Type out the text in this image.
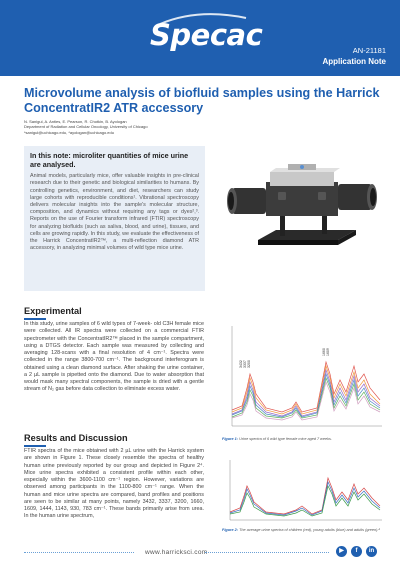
Specac	AN-21181
Application Note
Microvolume analysis of biofluid samples using the Harrick ConcentratIR2 ATR accessory
N. Sanigul, A. Anties, E. Pearson, R. Chotkin, B. Ayologan
Department of Radiation and Cellular Oncology, University of Chicago
*sanigul@uchicago.edu, *ayologan@uchicago.edu
In this note: microliter quantities of mice urine are analysed.
Animal models, particularly mice, offer valuable insights in pre-clinical research due to their genetic and biological similarities to humans. By controlling genetics, environment, and diet, researchers can study large cohorts with reproducible conditions¹. Vibrational spectroscopy delivers molecular insights into the sample's molecular structure, composition, and dynamics without requiring any tags or dyes²,³. Reports on the use of Fourier transform infrared (FTIR) spectroscopy for analyzing biofluids (such as saliva, blood, and urine), tissues, and cells are growing rapidly. In this study, we evaluate the effectiveness of the Harrick ConcentratIR2™, a multi-reflection diamond ATR accessory, in analyzing minimal volumes of wild type mice urine.
Experimental
In this study, urine samples of 6 wild types of 7-week- old C3H female mice were collected. All IR spectra were collected on a commercial FTIR spectrometer with the ConcentratIR2™ placed in the sample compartment, using a DTGS detector. Each sample was measured by collecting and averaging 128-scans with a final resolution of 4 cm⁻¹. Spectra were collected in the range 3800-700 cm⁻¹. The background interferogram is obtained using a clean diamond surface. After shaking the urine container, a 2 µL sample is pipetted onto the diamond. Due to water absorption that would mask many spectral components, the sample is dried with a gentle stream of N₂ gas before data collection to eliminate excess water.
Results and Discussion
FTIR spectra of the mice obtained with 2 µL urine with the Harrick system are shown in Figure 1. These closely resemble the spectra of healthy human urine previously reported by our group and depicted in Figure 2⁴. Mice urine spectra exhibited a consistent profile within each other, especially within the 3600-1100 cm⁻¹ region. However, variations are observed among participants in the 1100-800 cm⁻¹ range. When the human and mice urine spectra are compared, band profiles and positions are seen to be similar at many points, namely 3432, 3337, 3200, 1660, 1609, 1444, 1143, 930, 783 cm⁻¹. These bands primarily arise from urea. In the human urine spectrum,
3432 3337 3200
1660 1609
Figure 1: Urine spectra of 6 wild type female mice aged 7 weeks.
Figure 2: The average urine spectra of children (red), young adults (blue) and adults (green).⁴
www.harricksci.com	▶	f	in
